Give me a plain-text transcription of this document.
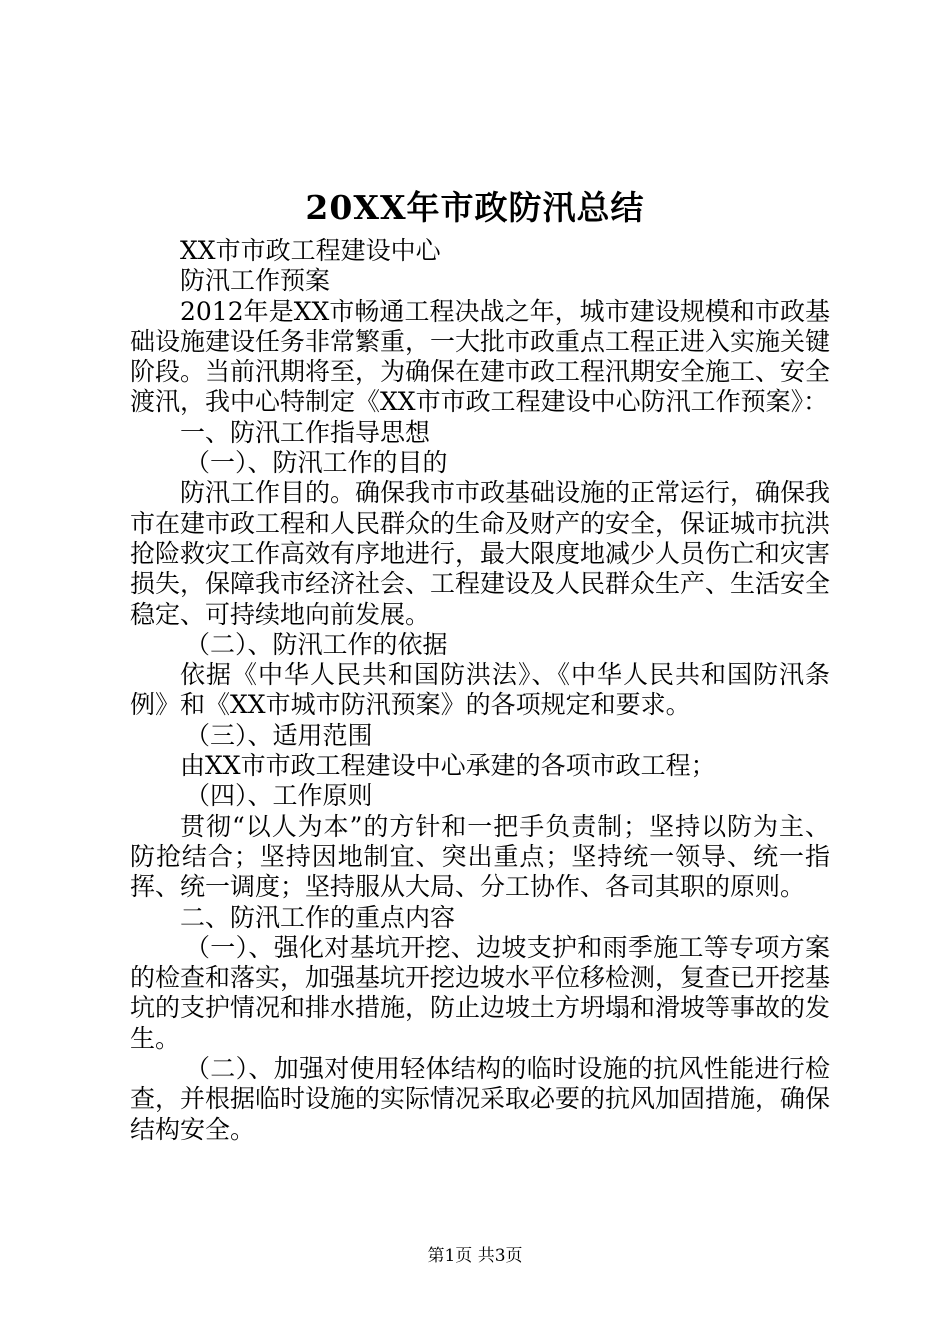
20XX年市政防汛总结

XX市市政工程建设中心

防汛工作预案

2012年是XX市畅通工程决战之年，城市建设规模和市政基础设施建设任务非常繁重，一大批市政重点工程正进入实施关键阶段。当前汛期将至，为确保在建市政工程汛期安全施工、安全渡汛，我中心特制定《XX市市政工程建设中心防汛工作预案》：

一、防汛工作指导思想

（一）、防汛工作的目的

防汛工作目的。确保我市市政基础设施的正常运行，确保我市在建市政工程和人民群众的生命及财产的安全，保证城市抗洪抢险救灾工作高效有序地进行，最大限度地减少人员伤亡和灾害损失，保障我市经济社会、工程建设及人民群众生产、生活安全稳定、可持续地向前发展。

（二）、防汛工作的依据

依据《中华人民共和国防洪法》、《中华人民共和国防汛条例》和《XX市城市防汛预案》的各项规定和要求。

（三）、适用范围

由XX市市政工程建设中心承建的各项市政工程；

（四）、工作原则

贯彻“以人为本”的方针和一把手负责制；坚持以防为主、防抢结合；坚持因地制宜、突出重点；坚持统一领导、统一指挥、统一调度；坚持服从大局、分工协作、各司其职的原则。

二、防汛工作的重点内容

（一）、强化对基坑开挖、边坡支护和雨季施工等专项方案的检查和落实，加强基坑开挖边坡水平位移检测，复查已开挖基坑的支护情况和排水措施，防止边坡土方坍塌和滑坡等事故的发生。

（二）、加强对使用轻体结构的临时设施的抗风性能进行检查，并根据临时设施的实际情况采取必要的抗风加固措施，确保结构安全。

第1页 共3页
